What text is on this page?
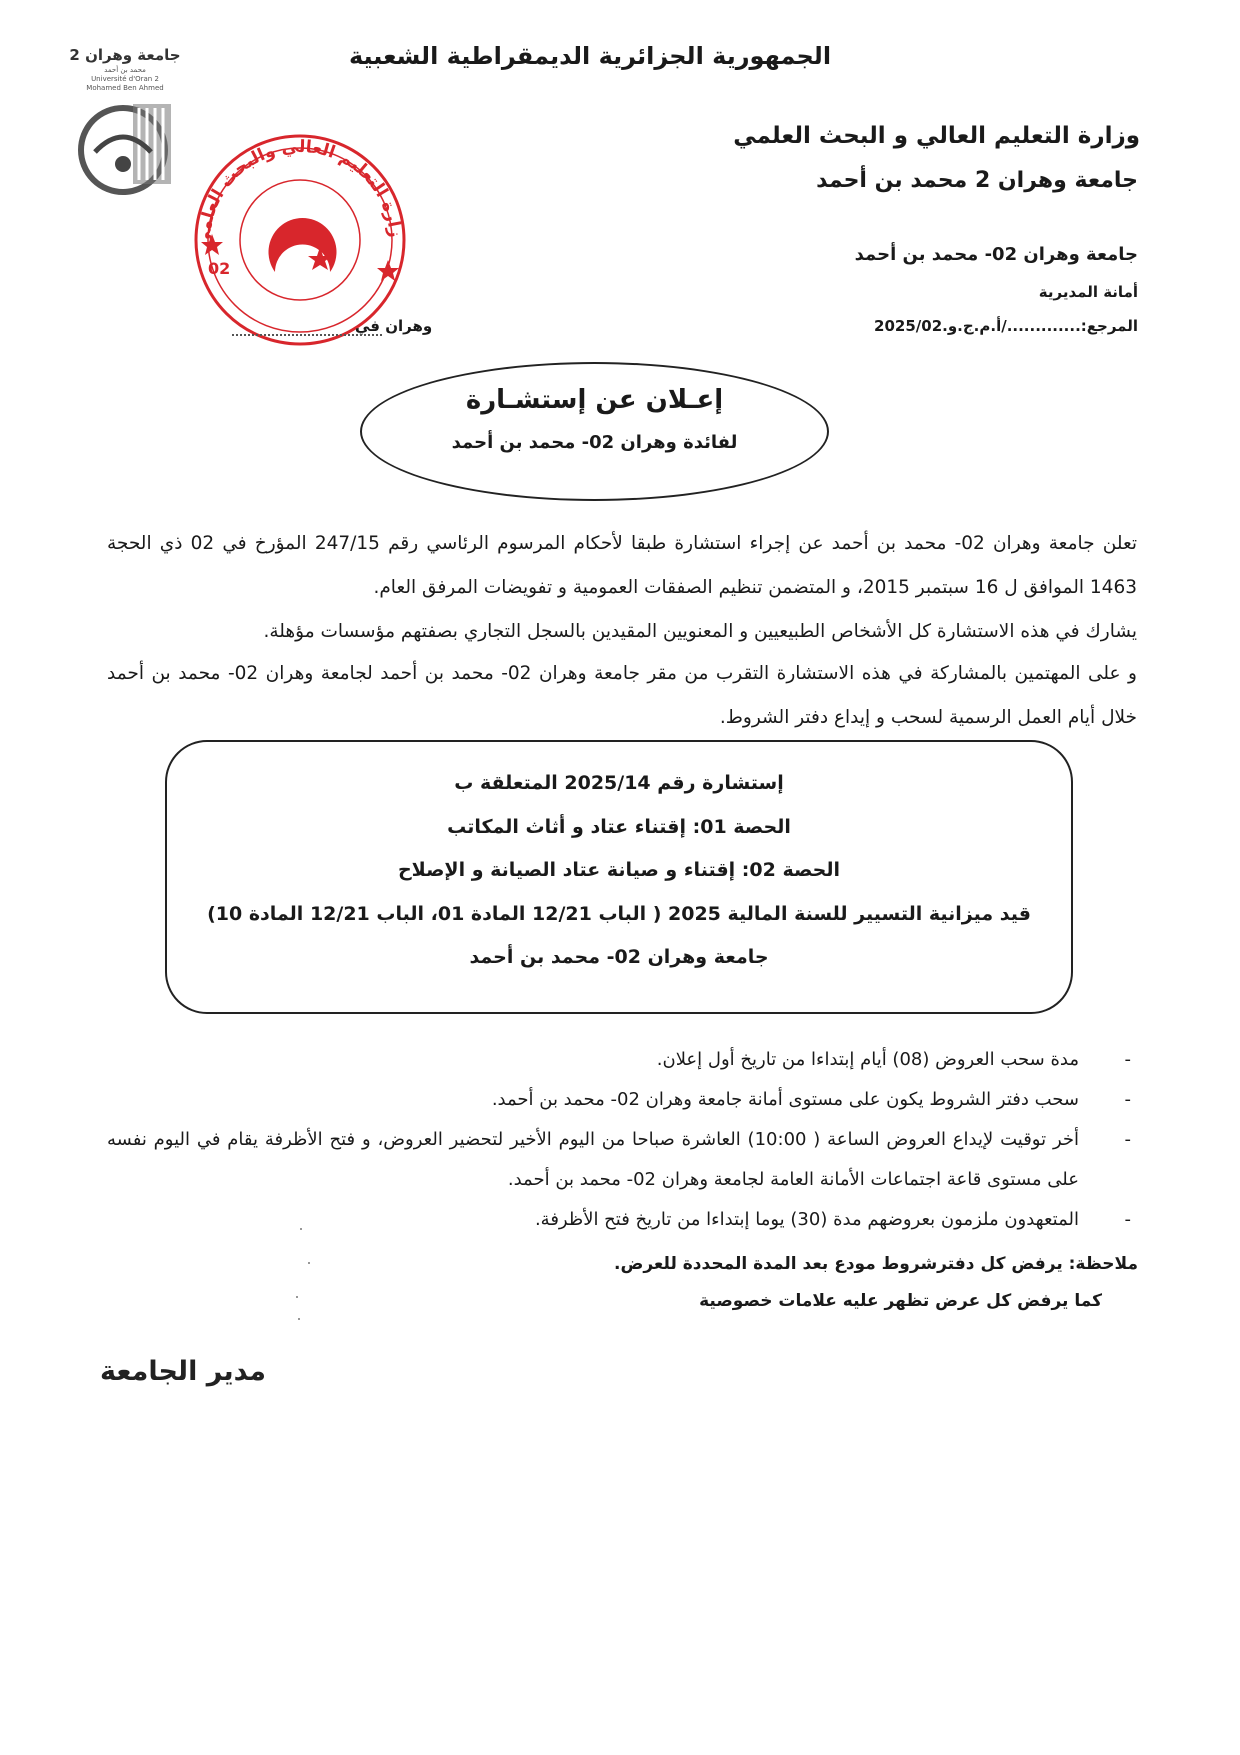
جامعة وهران 2
محمد بن أحمد
Université d'Oran 2
Mohamed Ben Ahmed
زارة التعليم العالي والبحث العلمي
02
الجمهورية الجزائرية الديمقراطية الشعبية
وزارة التعليم العالي و البحث العلمي
جامعة وهران 2 محمد بن أحمد
جامعة وهران 02- محمد بن أحمد
أمانة المديرية
المرجع:............./أ.م.ج.و.2025/02
وهران في
إعـلان عن إستشـارة
لفائدة وهران 02- محمد بن أحمد
تعلن جامعة وهران 02- محمد بن أحمد عن إجراء استشارة طبقا لأحكام المرسوم الرئاسي رقم 247/15 المؤرخ في 02 ذي الحجة 1463 الموافق ل 16 سبتمبر 2015، و المتضمن تنظيم الصفقات العمومية و تفويضات المرفق العام.
يشارك في هذه الاستشارة كل الأشخاص الطبيعيين و المعنويين المقيدين بالسجل التجاري بصفتهم مؤسسات مؤهلة.
و على المهتمين بالمشاركة في هذه الاستشارة التقرب من مقر جامعة وهران 02- محمد بن أحمد لجامعة وهران 02- محمد بن أحمد خلال أيام العمل الرسمية لسحب و إيداع دفتر الشروط.
إستشارة رقم 2025/14 المتعلقة ب
الحصة 01: إقتناء عتاد و أثاث المكاتب
الحصة 02: إقتناء و صيانة عتاد الصيانة و الإصلاح
قيد ميزانية التسيير للسنة المالية 2025 ( الباب 12/21 المادة 01، الباب 12/21 المادة 10)
جامعة وهران 02- محمد بن أحمد
-
مدة سحب العروض (08) أيام إبتداءا من تاريخ أول إعلان.
-
سحب دفتر الشروط يكون على مستوى أمانة جامعة وهران 02- محمد بن أحمد.
-
أخر توقيت لإيداع العروض الساعة ( 10:00) العاشرة صباحا من اليوم الأخير لتحضير العروض، و فتح الأظرفة يقام في اليوم نفسه على مستوى قاعة اجتماعات الأمانة العامة لجامعة وهران 02- محمد بن أحمد.
-
المتعهدون ملزمون بعروضهم مدة (30) يوما إبتداءا من تاريخ فتح الأظرفة.
ملاحظة: يرفض كل دفترشروط مودع بعد المدة المحددة للعرض.
كما يرفض كل عرض تظهر عليه علامات خصوصية
مدير الجامعة
